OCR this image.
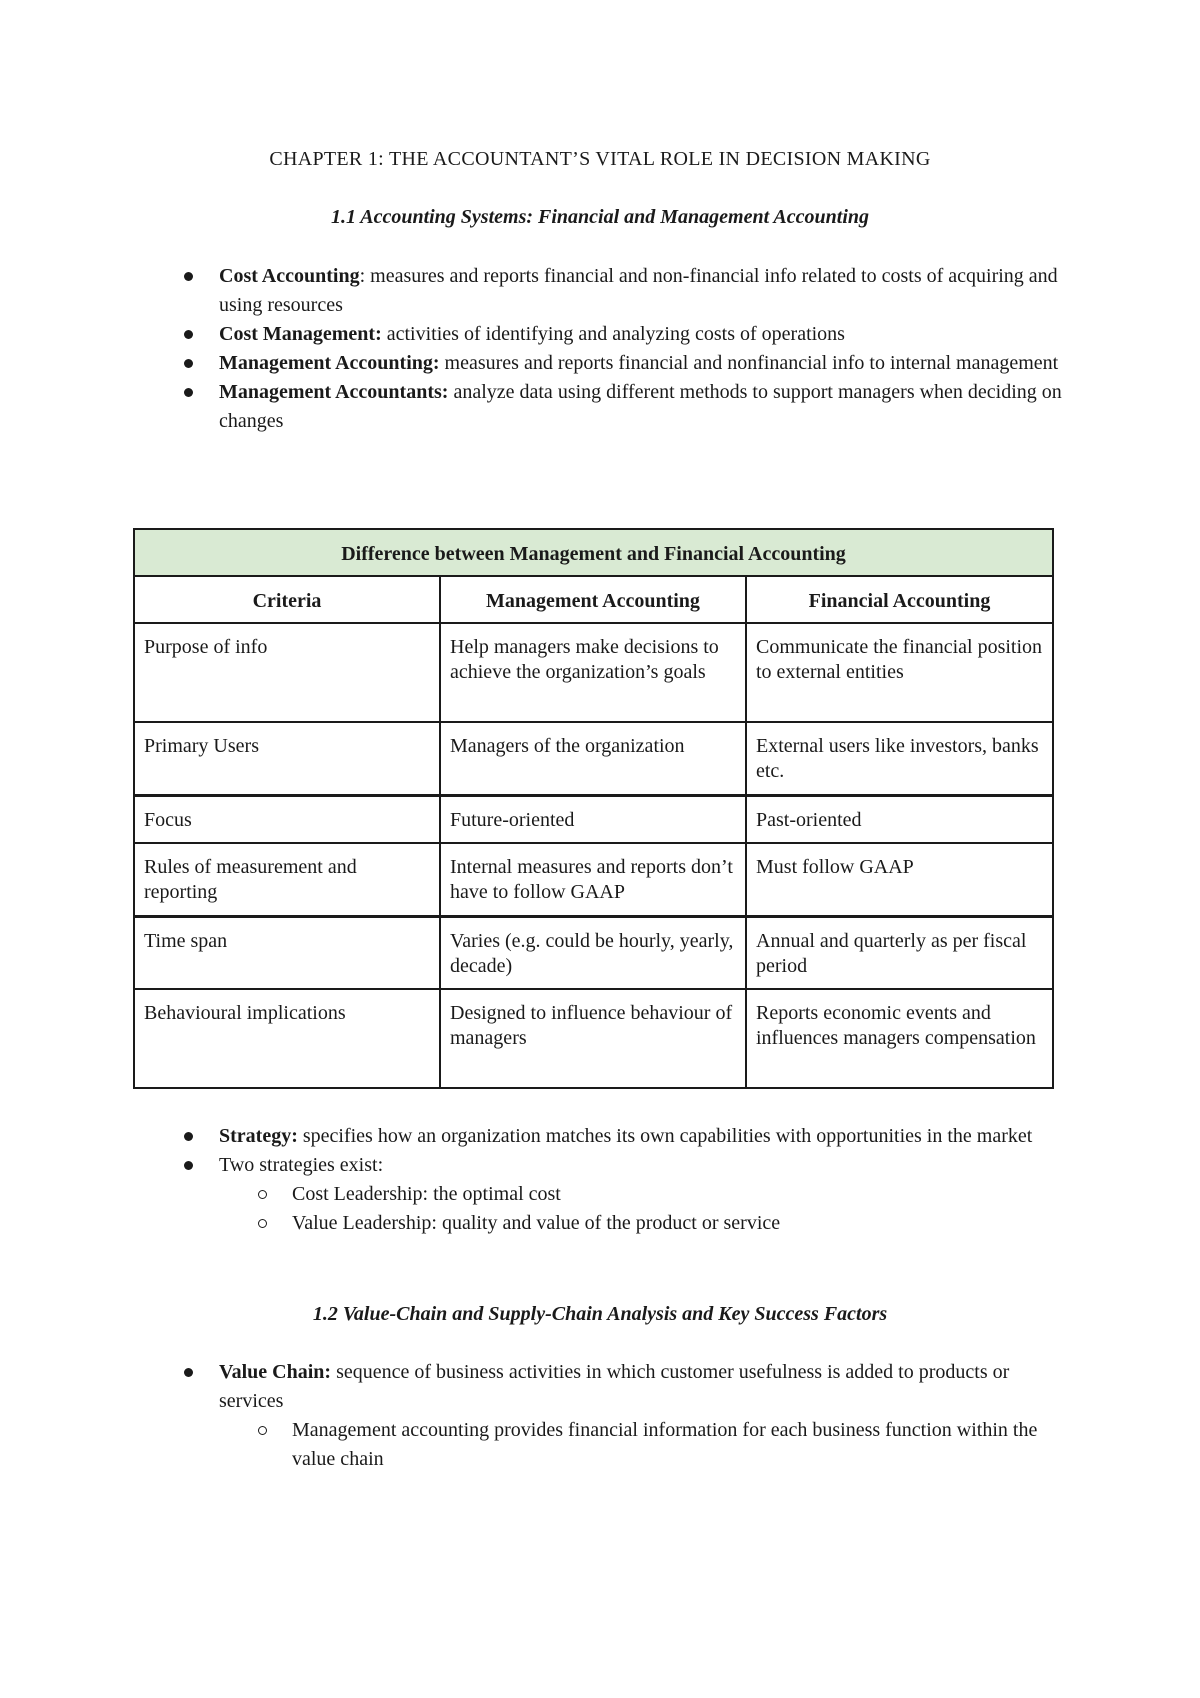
CHAPTER 1: THE ACCOUNTANT’S VITAL ROLE IN DECISION MAKING
1.1 Accounting Systems: Financial and Management Accounting
Cost Accounting: measures and reports financial and non-financial info related to costs of acquiring and using resources
Cost Management: activities of identifying and analyzing costs of operations
Management Accounting: measures and reports financial and nonfinancial info to internal management
Management Accountants: analyze data using different methods to support managers when deciding on changes
Difference between Management and Financial Accounting		
Criteria	Management Accounting	Financial Accounting
Purpose of info	Help managers make decisions to achieve the organization’s goals	Communicate the financial position to external entities
Primary Users	Managers of the organization	External users like investors, banks etc.
Focus	Future-oriented	Past-oriented
Rules of measurement and reporting	Internal measures and reports don’t have to follow GAAP	Must follow GAAP
Time span	Varies (e.g. could be hourly, yearly, decade)	Annual and quarterly as per fiscal period
Behavioural implications	Designed to influence behaviour of managers	Reports economic events and influences managers compensation
Strategy: specifies how an organization matches its own capabilities with opportunities in the market
Two strategies exist:
Cost Leadership: the optimal cost
Value Leadership: quality and value of the product or service
1.2 Value-Chain and Supply-Chain Analysis and Key Success Factors
Value Chain: sequence of business activities in which customer usefulness is added to products or services
Management accounting provides financial information for each business function within the value chain
